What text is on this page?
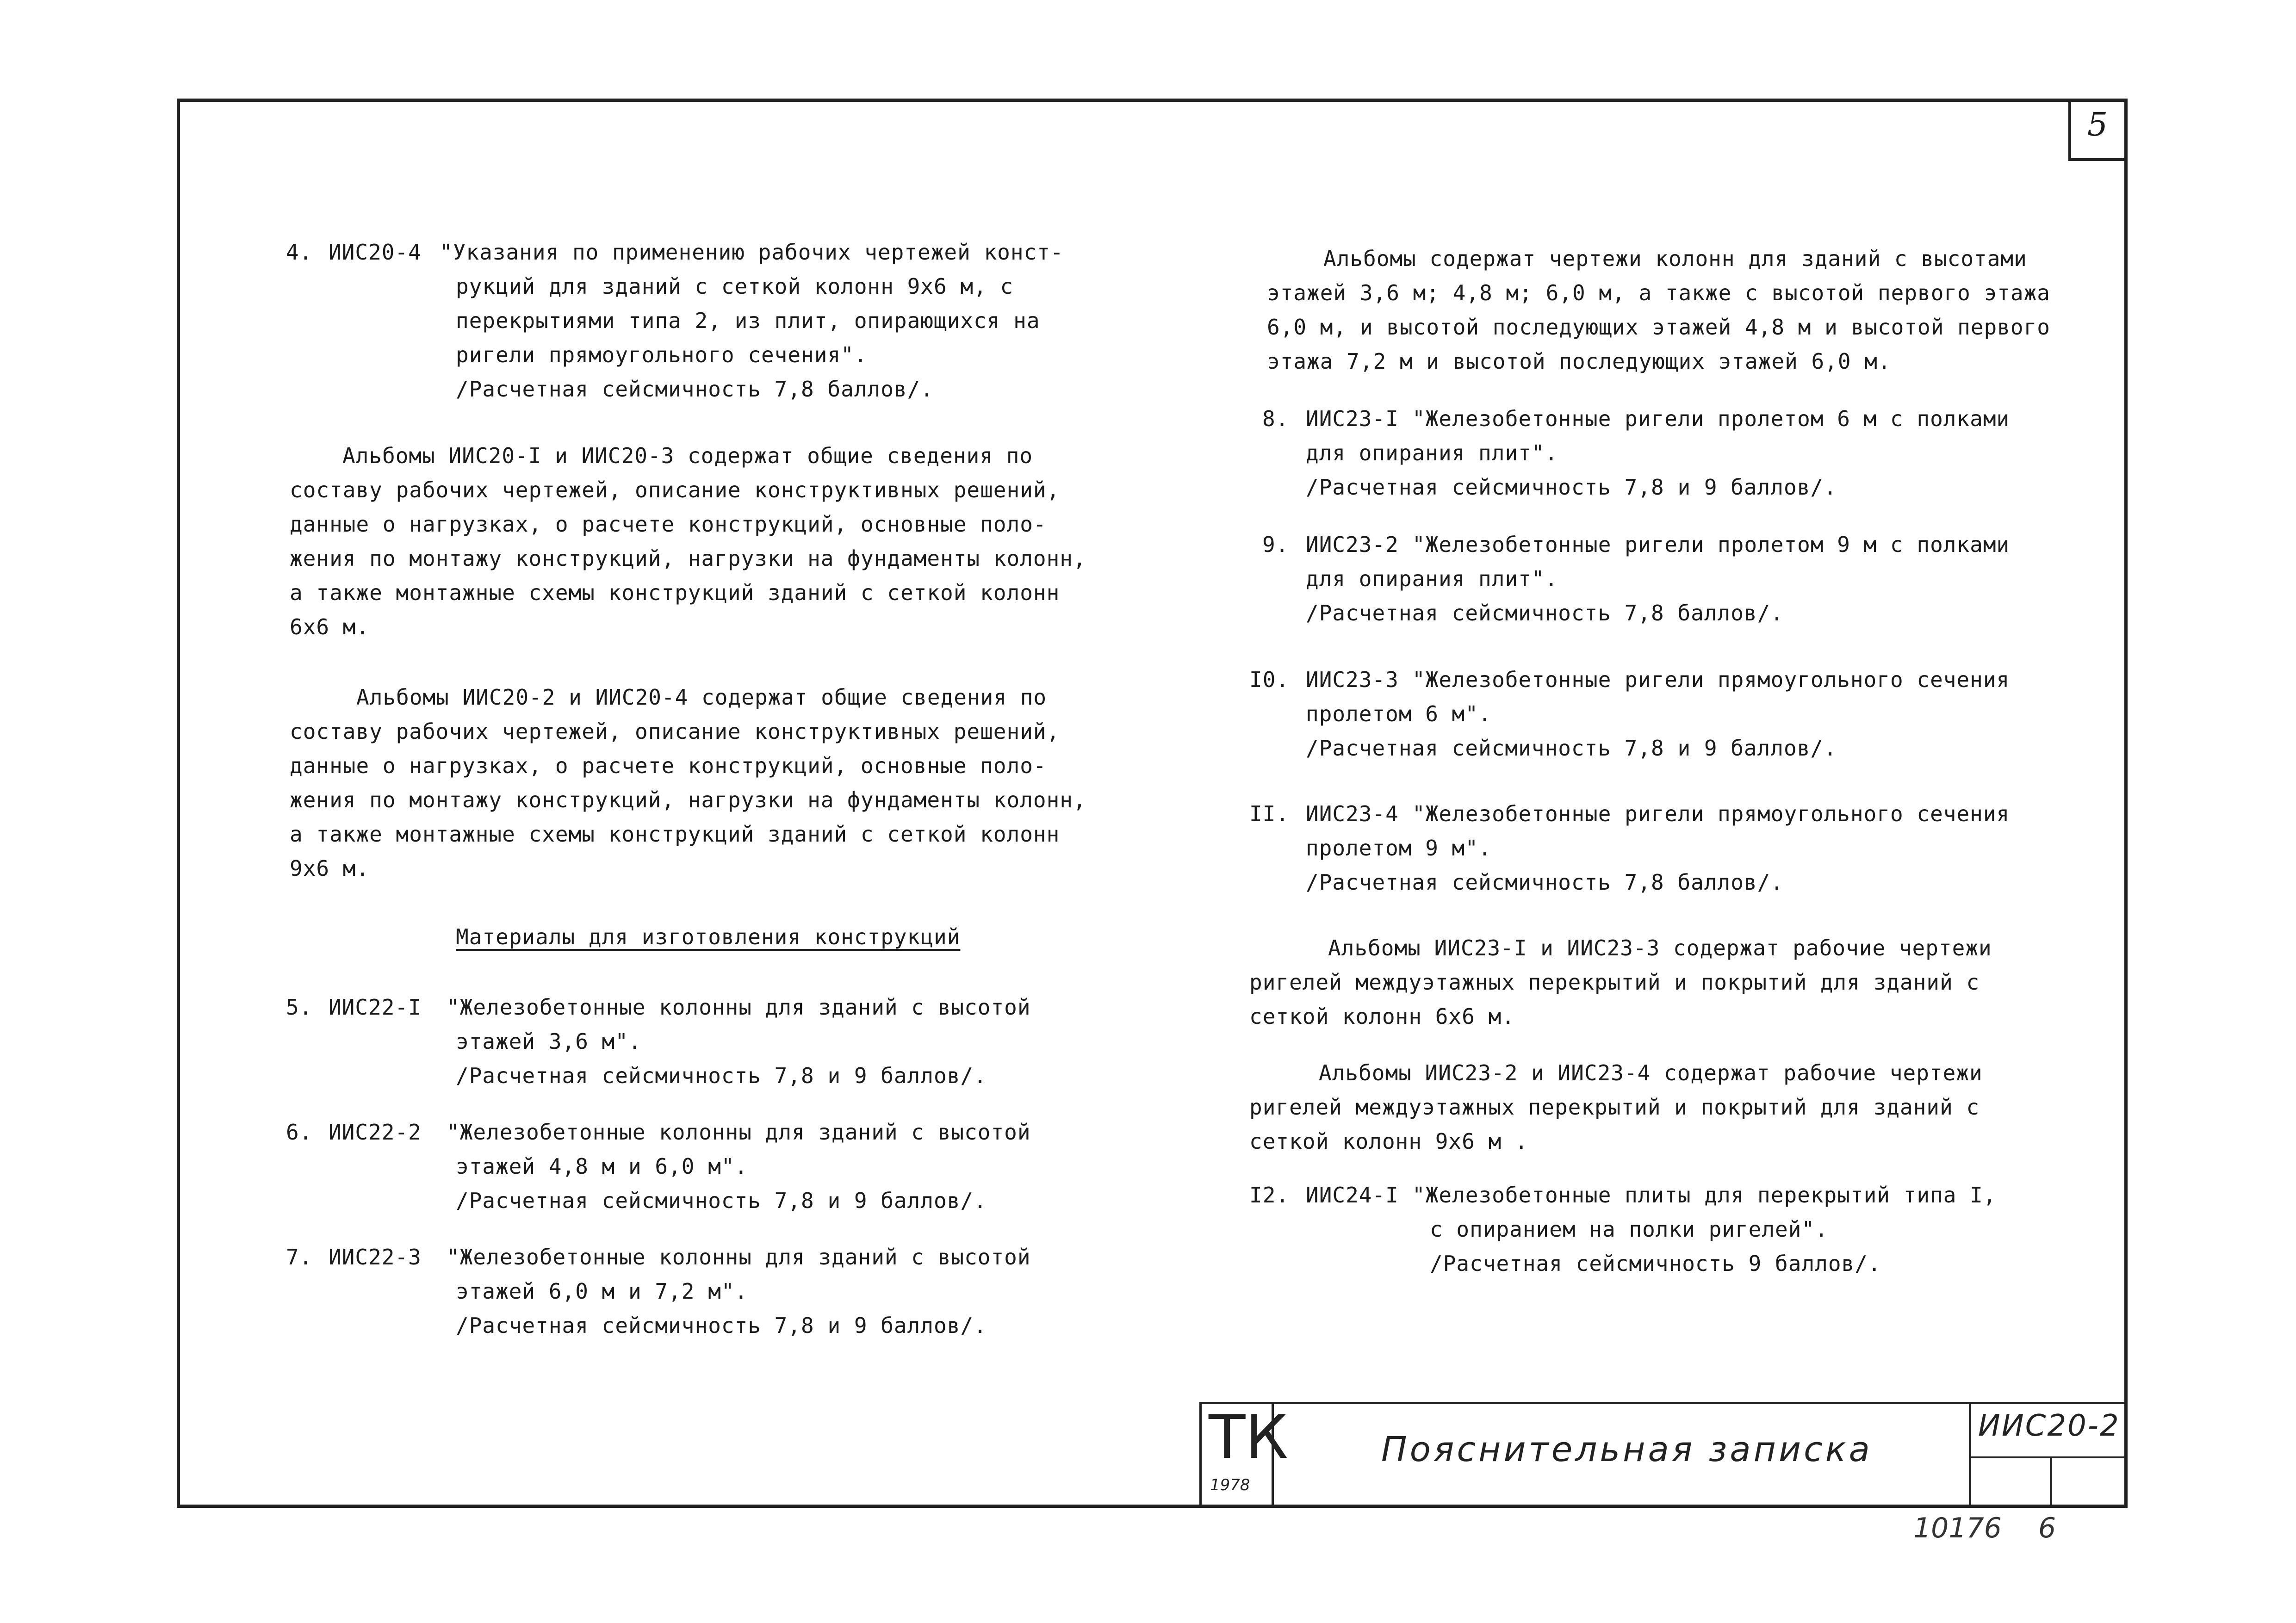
5
4. ИИС20-4 "Указания по применению рабочих чертежей конст-
рукций для зданий с сеткой колонн 9х6 м, с
перекрытиями типа 2, из плит, опирающихся на
ригели прямоугольного сечения".
/Расчетная сейсмичность 7,8 баллов/.
Альбомы ИИС20-I и ИИС20-3 содержат общие сведения по
составу рабочих чертежей, описание конструктивных решений,
данные о нагрузках, о расчете конструкций, основные поло-
жения по монтажу конструкций, нагрузки на фундаменты колонн,
а также монтажные схемы конструкций зданий с сеткой колонн
6х6 м.
Альбомы ИИС20-2 и ИИС20-4 содержат общие сведения по
составу рабочих чертежей, описание конструктивных решений,
данные о нагрузках, о расчете конструкций, основные поло-
жения по монтажу конструкций, нагрузки на фундаменты колонн,
а также монтажные схемы конструкций зданий с сеткой колонн
9х6 м.
Материалы для изготовления конструкций
5. ИИС22-I "Железобетонные колонны для зданий с высотой
этажей 3,6 м".
/Расчетная сейсмичность 7,8 и 9 баллов/.
6. ИИС22-2 "Железобетонные колонны для зданий с высотой
этажей 4,8 м и 6,0 м".
/Расчетная сейсмичность 7,8 и 9 баллов/.
7. ИИС22-3 "Железобетонные колонны для зданий с высотой
этажей 6,0 м и 7,2 м".
/Расчетная сейсмичность 7,8 и 9 баллов/.
Альбомы содержат чертежи колонн для зданий с высотами
этажей 3,6 м; 4,8 м; 6,0 м, а также с высотой первого этажа
6,0 м, и высотой последующих этажей 4,8 м и высотой первого
этажа 7,2 м и высотой последующих этажей 6,0 м.
8. ИИС23-I "Железобетонные ригели пролетом 6 м с полками
для опирания плит".
/Расчетная сейсмичность 7,8 и 9 баллов/.
9. ИИС23-2 "Железобетонные ригели пролетом 9 м с полками
для опирания плит".
/Расчетная сейсмичность 7,8 баллов/.
I0. ИИС23-3 "Железобетонные ригели прямоугольного сечения
пролетом 6 м".
/Расчетная сейсмичность 7,8 и 9 баллов/.
II. ИИС23-4 "Железобетонные ригели прямоугольного сечения
пролетом 9 м".
/Расчетная сейсмичность 7,8 баллов/.
Альбомы ИИС23-I и ИИС23-3 содержат рабочие чертежи
ригелей междуэтажных перекрытий и покрытий для зданий с
сеткой колонн 6х6 м.
Альбомы ИИС23-2 и ИИС23-4 содержат рабочие чертежи
ригелей междуэтажных перекрытий и покрытий для зданий с
сеткой колонн 9х6 м .
I2. ИИС24-I "Железобетонные плиты для перекрытий типа I,
с опиранием на полки ригелей".
/Расчетная сейсмичность 9 баллов/.
ТК
1978
Пояснительная записка
ИИС20-2
10176 6
